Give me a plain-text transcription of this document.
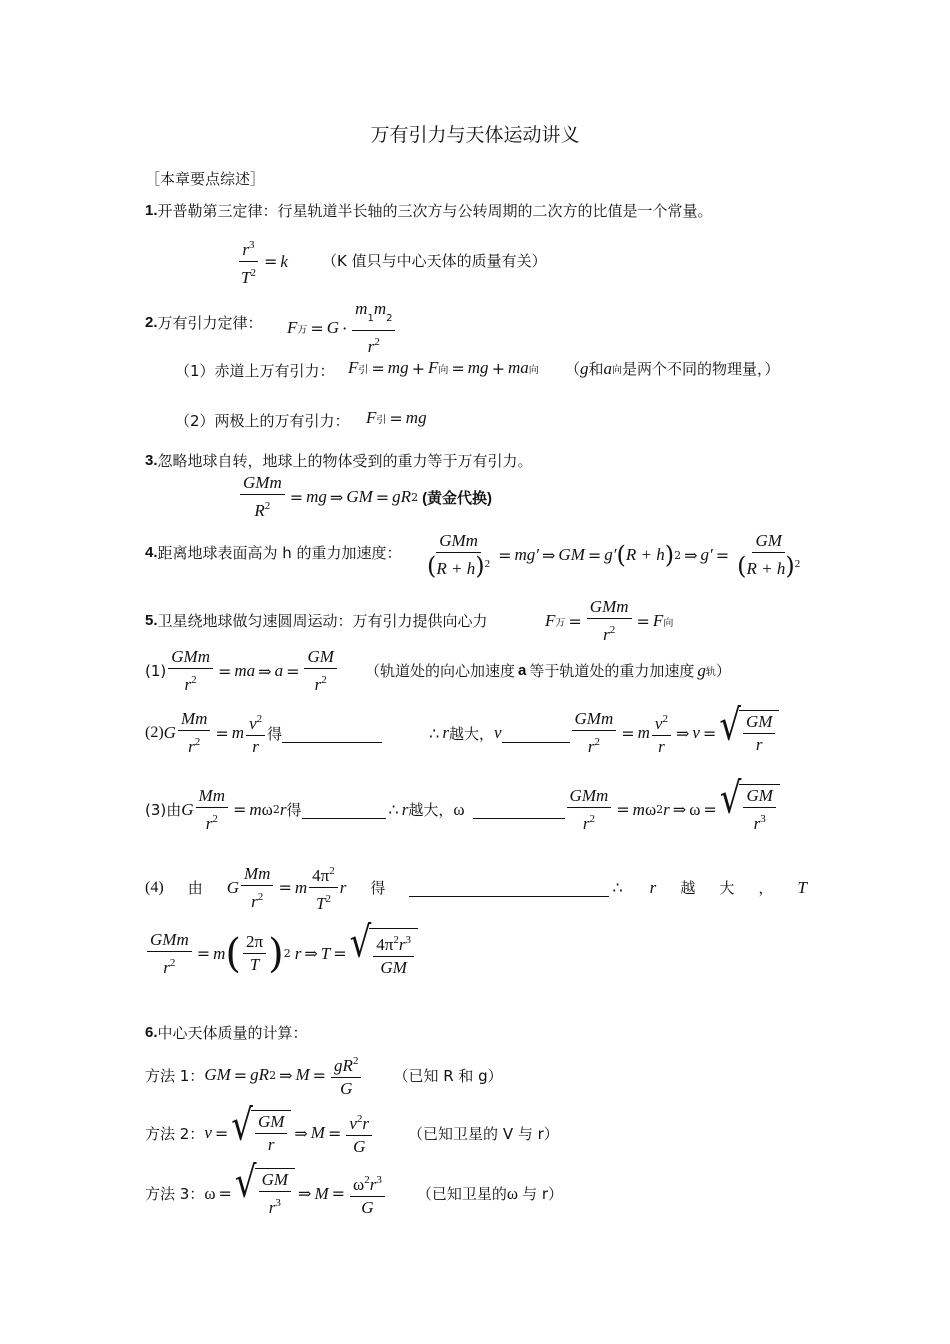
万有引力与天体运动讲义
［本章要点综述］
1. 开普勒第三定律：行星轨道半长轴的三次方与公转周期的二次方的比值是一个常量。
$\frac{r^3}{T^2} = k$ （K 值只与中心天体的质量有关）
2. 万有引力定律： F 万 = $G \cdot \frac{m_1m_2}{r^2}$
（1）赤道上万有引力： F 引 = mg + F 向 = mg + ma 向 （ g 和 a 向 是两个不同的物理量，）
（2）两极上的万有引力： F 引 = mg
3. 忽略地球自转，地球上的物体受到的重力等于万有引力。
$\frac{\text{GMm}}{R^2}$ = mg ⇒ GM = gR 2 (黄金代换)
4. 距离地球表面高为 h 的重力加速度： $\frac{\text{GMm}}{(R + h)^2} = mg'$ ⇒ GM = g′ ( R + h ) 2 ⇒ $g' = \frac{GM}{(R + h)^2}$
5. 卫星绕地球做匀速圆周运动：万有引力提供向心力	F 万 = $\frac{\text{GMm}}{r^2} = F$ 向
$(1) \frac{\text{GMm}}{r^2}$ = ma ⇒ $a = \frac{GM}{r^2}$ （轨道处的向心加速度 a 等于轨道处的重力加速度 g 轨 ）
(2) G $\frac{Mm}{r^2} = m \frac{v^2}{r}$ 得	∴ r 越大， v	$\frac{\text{GMm}}{r^2} = m \frac{v^2}{r}$ ⇒ v = √ $\frac{GM}{r}$
(3)由 G $\frac{Mm}{r^2} = m$ ω 2 r 得	∴ r 越大， ω	$\frac{\text{GMm}}{r^2} = m$ ω 2 r ⇒ ω = √ $\frac{GM}{r^3}$
(4) 由 G $\frac{Mm}{r^2} = m \frac{4\pi^2}{T^2}$ r 得	∴ r 越 大 ， T
$\frac{\text{GMm}}{r^2} = m$ ( $\frac{2\pi}{T}$ ) 2 r ⇒ T = √ $\frac{4\pi^2r^3}{GM}$
6. 中心天体质量的计算：
方法 1： GM = gR 2 ⇒ $M = \frac{gR^2}{G}$ （已知 R 和 g）
方法 2： v = √ $\frac{GM}{r}$ ⇒ $M = \frac{v^2r}{G}$ （已知卫星的 V 与 r）
方法 3： ω = √ $\frac{GM}{r^3}$ ⇒ $M = \frac{\omega^2r^3}{G}$ （已知卫星的 ω 与 r）
